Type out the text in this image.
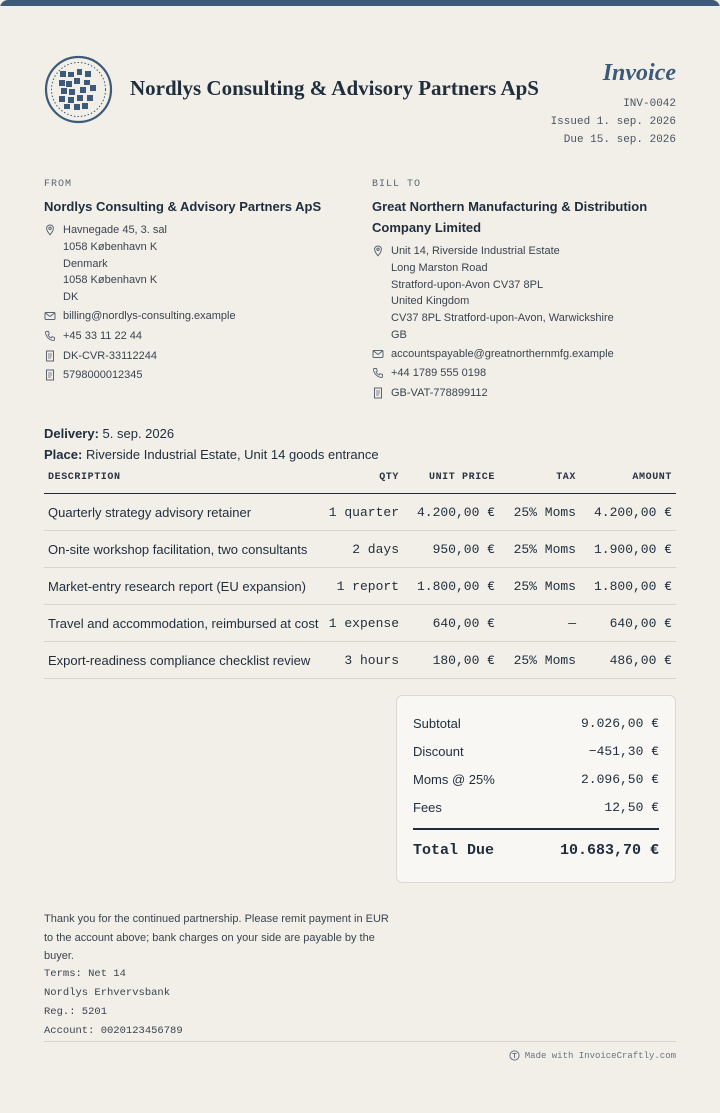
Nordlys Consulting & Advisory Partners ApS
Invoice
INV-0042
Issued 1. sep. 2026
Due 15. sep. 2026
FROM
Nordlys Consulting & Advisory Partners ApS
Havnegade 45, 3. sal
1058 København K
Denmark
1058 København K
DK
billing@nordlys-consulting.example
+45 33 11 22 44
DK-CVR-33112244
5798000012345
BILL TO
Great Northern Manufacturing & Distribution
Company Limited
Unit 14, Riverside Industrial Estate
Long Marston Road
Stratford-upon-Avon CV37 8PL
United Kingdom
CV37 8PL Stratford-upon-Avon, Warwickshire
GB
accountspayable@greatnorthernmfg.example
+44 1789 555 0198
GB-VAT-778899112
Delivery: 5. sep. 2026
Place: Riverside Industrial Estate, Unit 14 goods entrance
DESCRIPTION	QTY	UNIT PRICE	TAX	AMOUNT
Quarterly strategy advisory retainer	1 quarter 4.200,00 € 25% Moms 4.200,00 €
On-site workshop facilitation, two consultants	2 days	950,00 € 25% Moms 1.900,00 €
Market-entry research report (EU expansion) 1 report 1.800,00 € 25% Moms 1.800,00 €
Travel and accommodation, reimbursed at cost 1 expense	640,00 €	—	640,00 €
Export-readiness compliance checklist review	3 hours	180,00 € 25% Moms	486,00 €
Subtotal	9.026,00 €
Discount	−451,30 €
Moms @ 25%	2.096,50 €
Fees	12,50 €
Total Due	10.683,70 €
Thank you for the continued partnership. Please remit payment in EUR to the account above; bank charges on your side are payable by the buyer.
Terms: Net 14
Nordlys Erhvervsbank
Reg.: 5201
Account: 0020123456789
Made with InvoiceCraftly.com
